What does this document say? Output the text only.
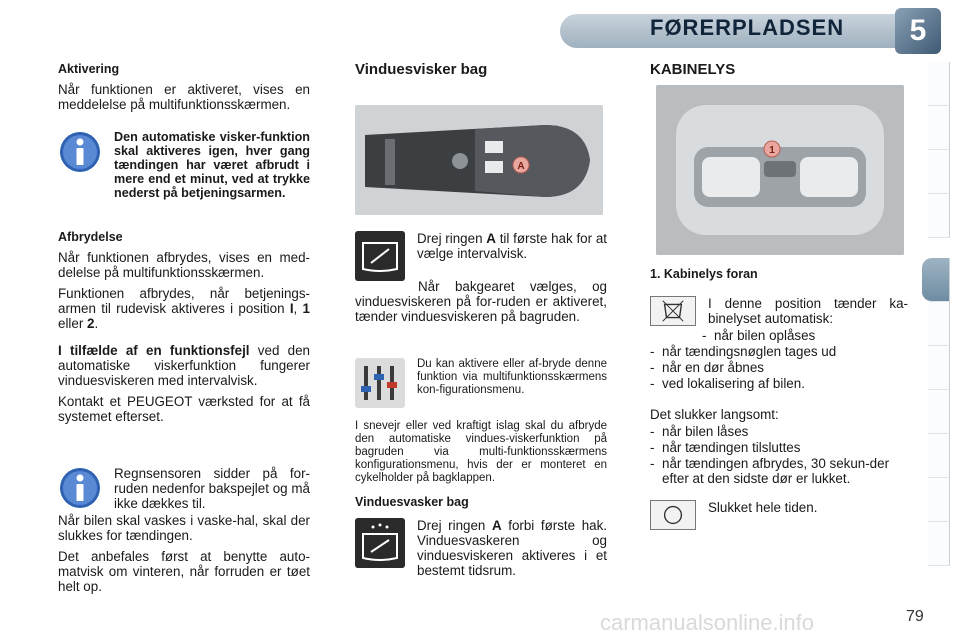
FØRERPLADSEN	5
Aktivering

Når funktionen er aktiveret, vises en meddelelse på multifunktionsskærmen.

Den automatiske visker-funktion skal aktiveres igen, hver gang tændingen har været afbrudt i mere end et minut, ved at trykke nederst på betjeningsarmen.
Afbrydelse

Når funktionen afbrydes, vises en med-delelse på multifunktionsskærmen.

Funktionen afbrydes, når betjenings-armen til rudevisk aktiveres i position I, 1 eller 2.

I tilfælde af en funktionsfejl ved den automatiske viskerfunktion fungerer vinduesviskeren med intervalvisk.

Kontakt et PEUGEOT værksted for at få systemet efterset.

Regnsensoren sidder på for-ruden nedenfor bakspejlet og må ikke dækkes til.

Når bilen skal vaskes i vaske-hal, skal der slukkes for tændingen.

Det anbefales først at benytte auto-matvisk om vinteren, når forruden er tøet helt op.

Vinduesvisker bag
A

Drej ringen A til første hak for at vælge intervalvisk.

Når bakgearet vælges, og vinduesviskeren på for-ruden er aktiveret, tænder vinduesviskeren på bagruden.

Du kan aktivere eller af-bryde denne funktion via multifunktionsskærmens kon-figurationsmenu.

I snevejr eller ved kraftigt islag skal du afbryde den automatiske vindues-viskerfunktion på bagruden via multi-funktionsskærmens konfigurationsmenu, hvis der er monteret en cykelholder på bagklappen.

Vinduesvasker bag

Drej ringen A forbi første hak. Vinduesvaskeren og vinduesviskeren aktiveres i et bestemt tidsrum.

KABINELYS
1
1. Kabinelys foran

I denne position tænder ka-binelyset automatisk:

- når bilen oplåses
- når tændingsnøglen tages ud
- når en dør åbnes
- ved lokalisering af bilen.

Det slukker langsomt:

- når bilen låses
- når tændingen tilsluttes
- når tændingen afbrydes, 30 sekun-der efter at den sidste dør er lukket.

Slukket hele tiden.

carmanualsonline.info	79
